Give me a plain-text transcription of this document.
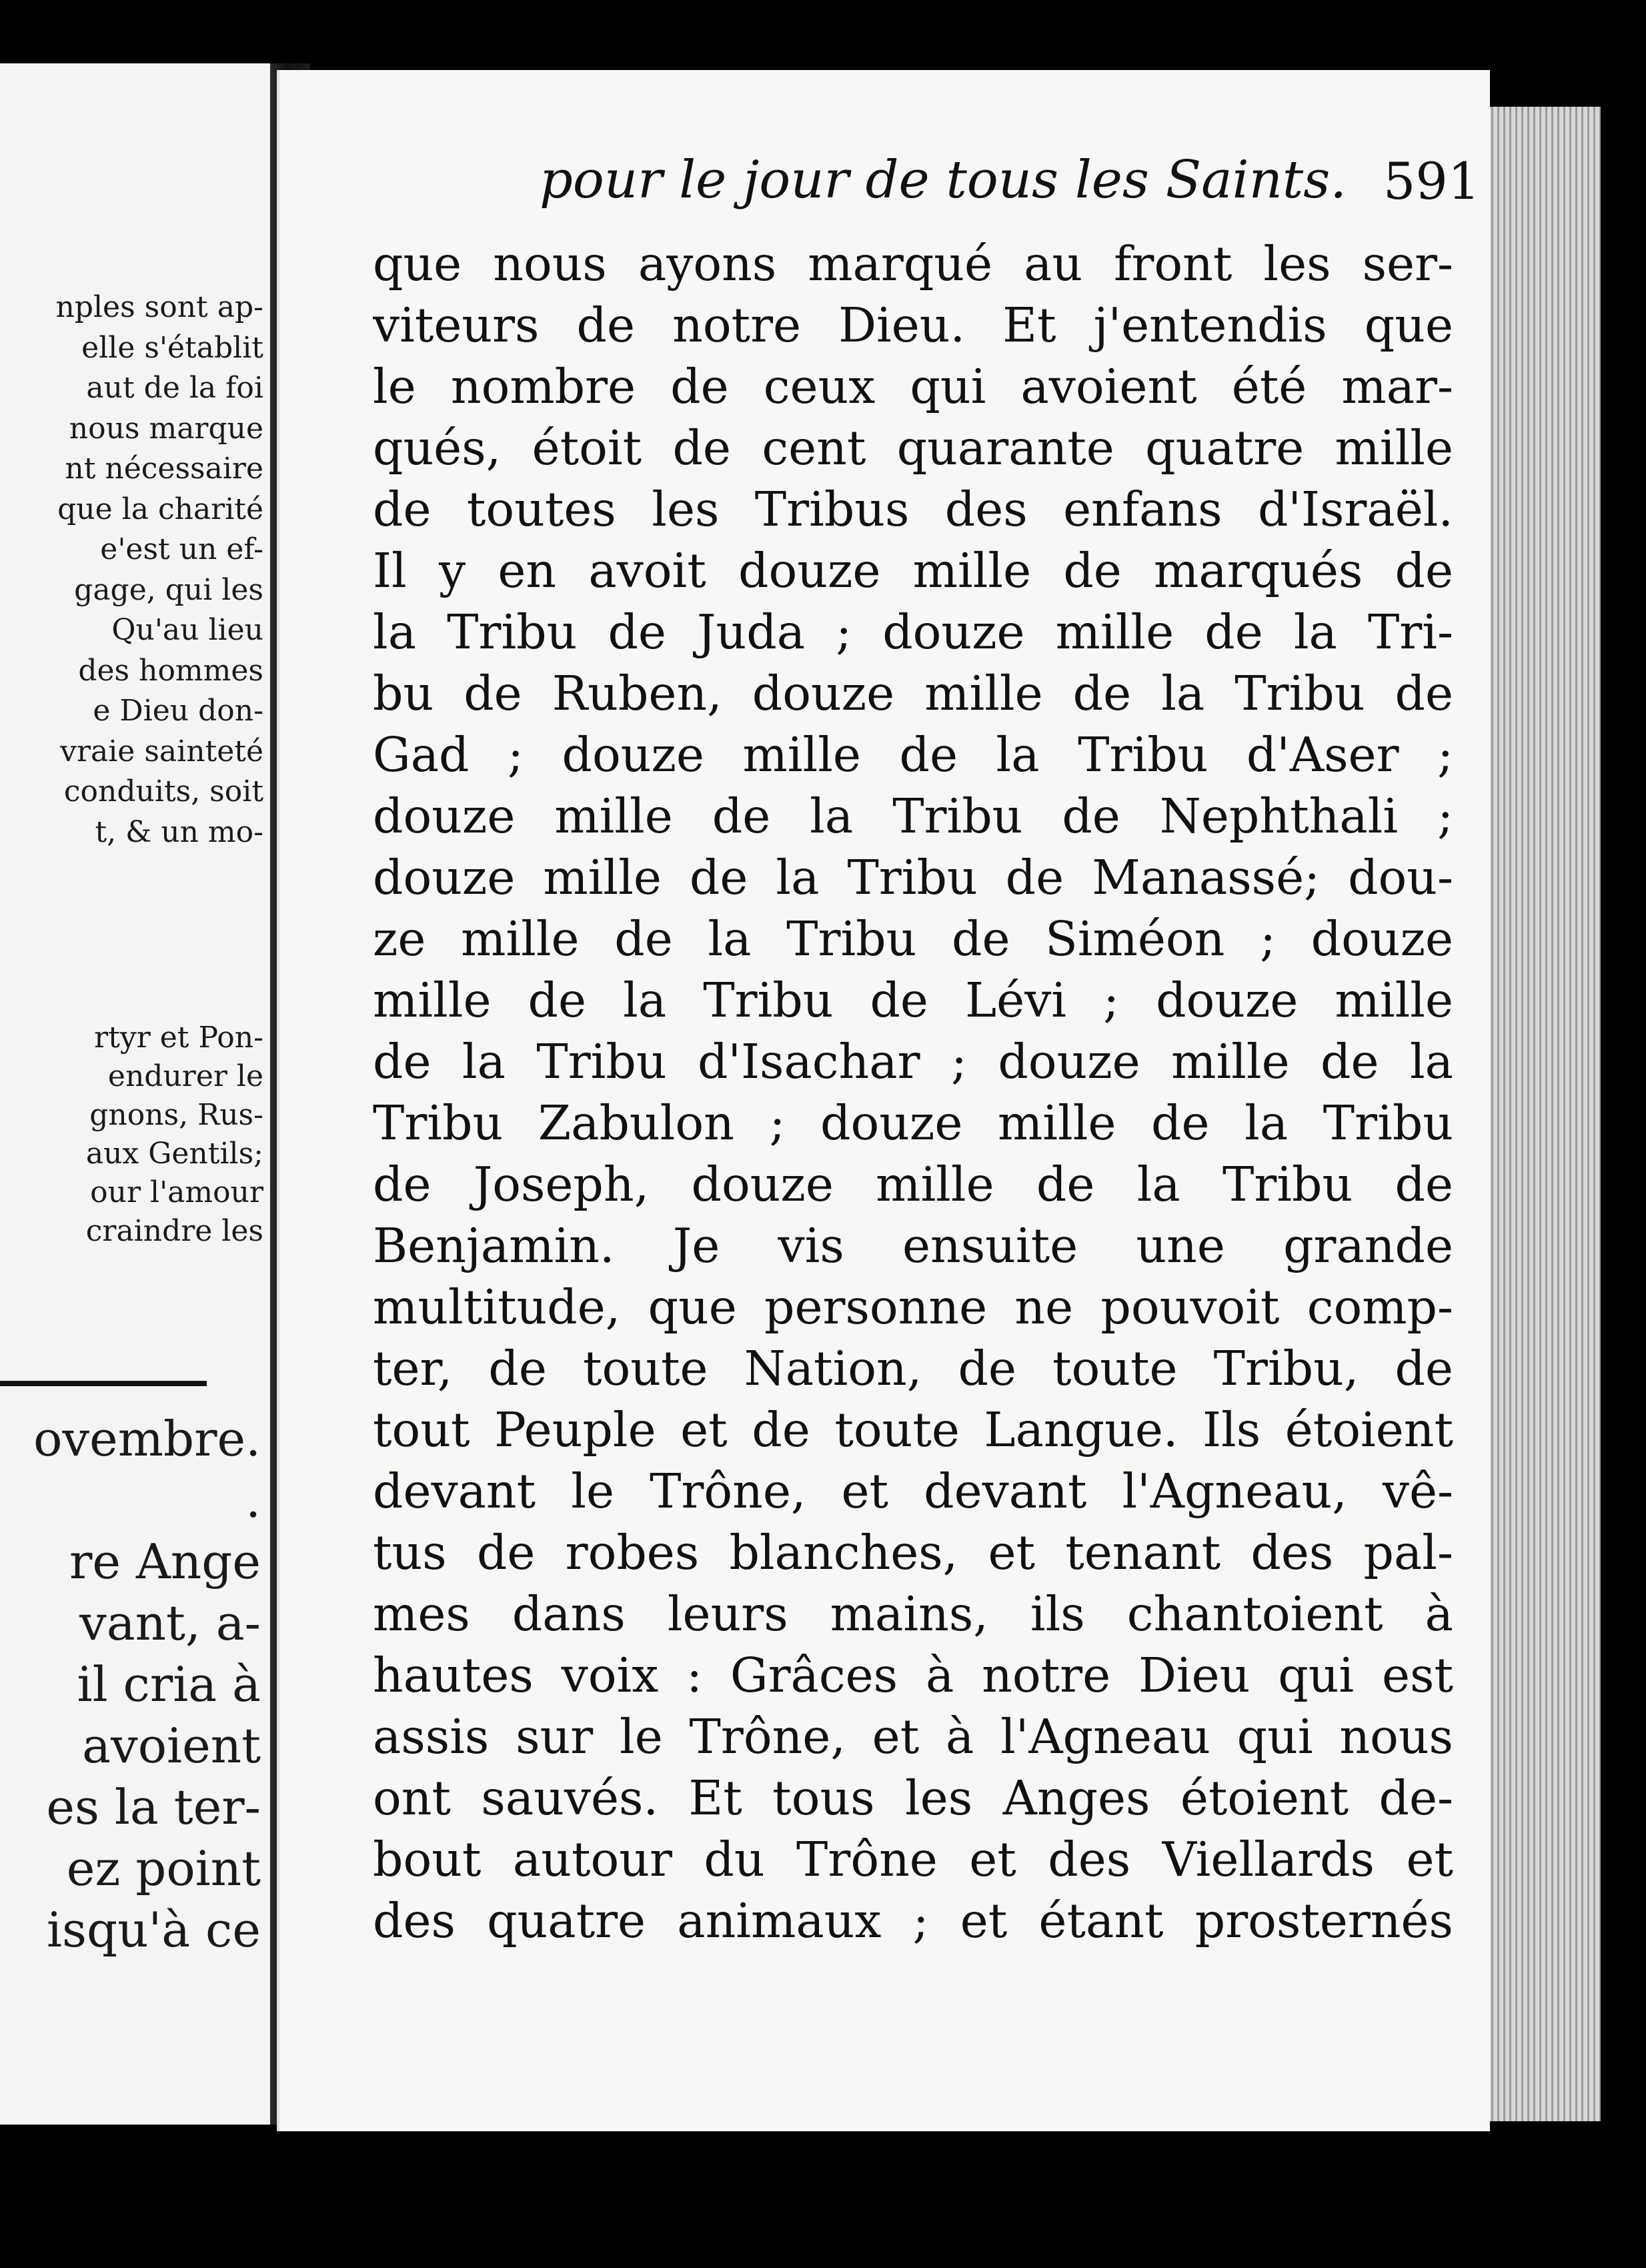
nples sont ap-
elle s'établit
aut de la foi
nous marque
nt nécessaire
que la charité
e'est un ef-
gage, qui les
Qu'au lieu
des hommes
e Dieu don-
vraie sainteté
conduits, soit
t, & un mo-
rtyr et Pon-
endurer le
gnons, Rus-
aux Gentils;
our l'amour
craindre les
ovembre.
.
re Ange
vant, a-
il cria à
avoient
es la ter-
ez point
isqu'à ce
pour le jour de tous les Saints. 591
que nous ayons marqué au front les ser-
viteurs de notre Dieu. Et j'entendis que
le nombre de ceux qui avoient été mar-
qués, étoit de cent quarante quatre mille
de toutes les Tribus des enfans d'Israël.
Il y en avoit douze mille de marqués de
la Tribu de Juda ; douze mille de la Tri-
bu de Ruben, douze mille de la Tribu de
Gad ; douze mille de la Tribu d'Aser ;
douze mille de la Tribu de Nephthali ;
douze mille de la Tribu de Manassé; dou-
ze mille de la Tribu de Siméon ; douze
mille de la Tribu de Lévi ; douze mille
de la Tribu d'Isachar ; douze mille de la
Tribu Zabulon ; douze mille de la Tribu
de Joseph, douze mille de la Tribu de
Benjamin. Je vis ensuite une grande
multitude, que personne ne pouvoit comp-
ter, de toute Nation, de toute Tribu, de
tout Peuple et de toute Langue. Ils étoient
devant le Trône, et devant l'Agneau, vê-
tus de robes blanches, et tenant des pal-
mes dans leurs mains, ils chantoient à
hautes voix : Grâces à notre Dieu qui est
assis sur le Trône, et à l'Agneau qui nous
ont sauvés. Et tous les Anges étoient de-
bout autour du Trône et des Viellards et
des quatre animaux ; et étant prosternés
